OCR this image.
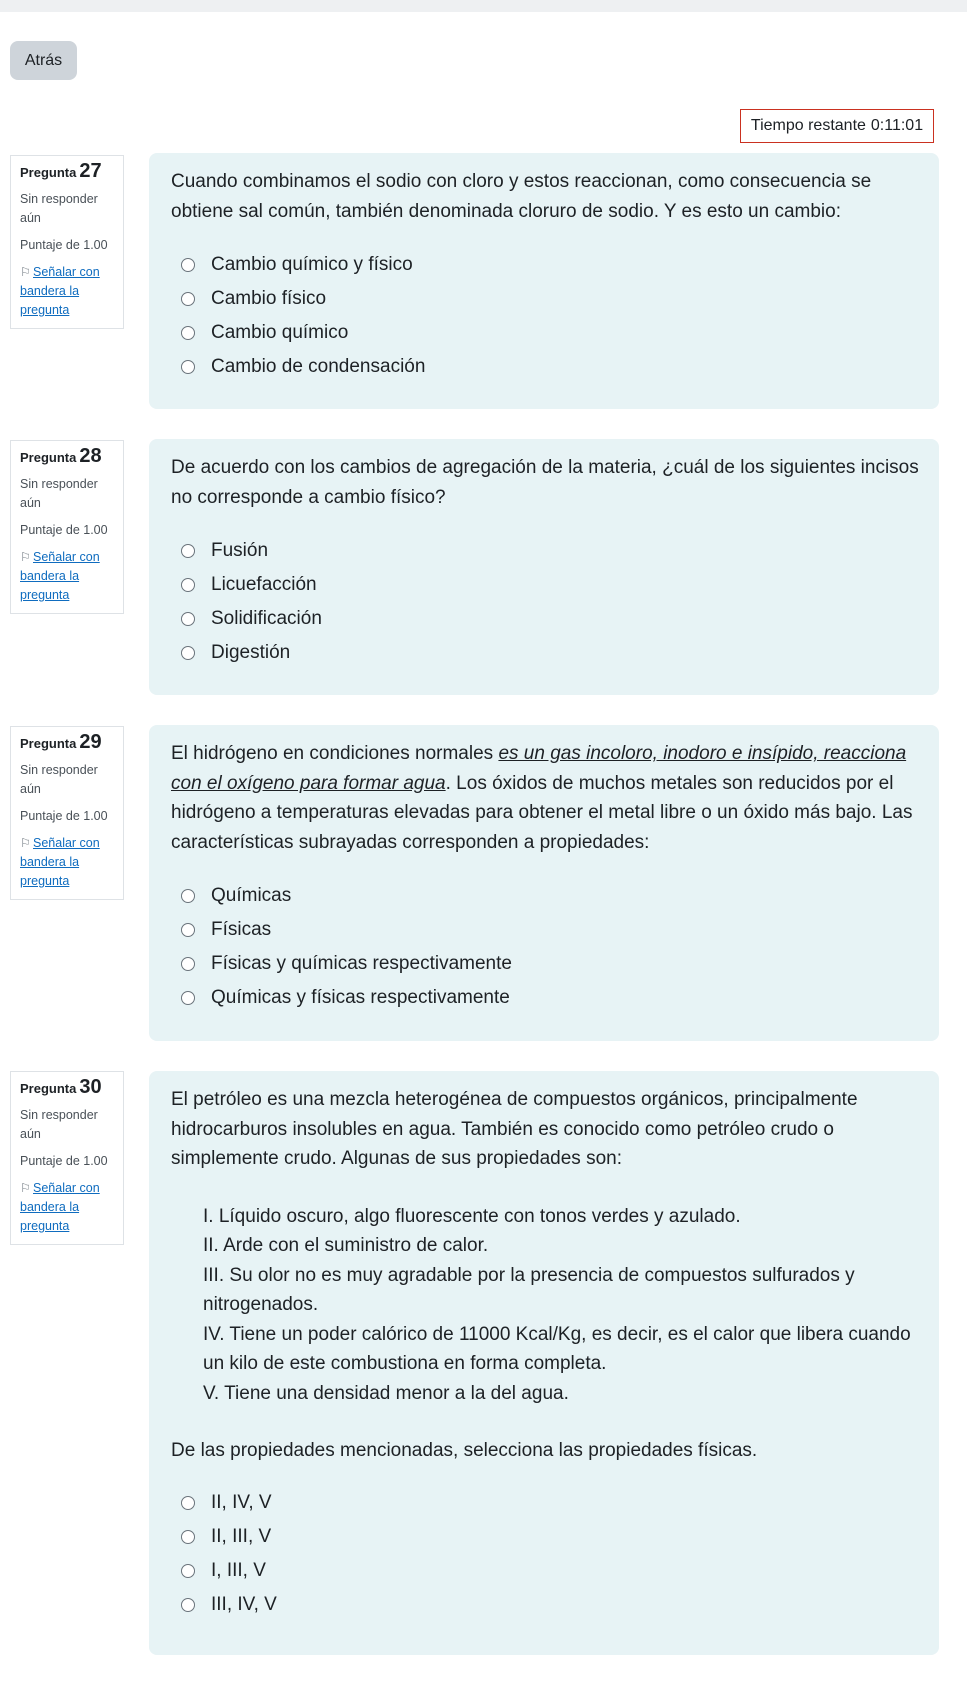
Atrás
Tiempo restante 0:11:01
Pregunta 27
Sin responder aún
Puntaje de 1.00
⚐ Señalar con bandera la pregunta
Cuando combinamos el sodio con cloro y estos reaccionan, como consecuencia se obtiene sal común, también denominada cloruro de sodio. Y es esto un cambio:
Cambio químico y físico
Cambio físico
Cambio químico
Cambio de condensación
Pregunta 28
Sin responder aún
Puntaje de 1.00
⚐ Señalar con bandera la pregunta
De acuerdo con los cambios de agregación de la materia, ¿cuál de los siguientes incisos no corresponde a cambio físico?
Fusión
Licuefacción
Solidificación
Digestión
Pregunta 29
Sin responder aún
Puntaje de 1.00
⚐ Señalar con bandera la pregunta
El hidrógeno en condiciones normales es un gas incoloro, inodoro e insípido, reacciona con el oxígeno para formar agua. Los óxidos de muchos metales son reducidos por el hidrógeno a temperaturas elevadas para obtener el metal libre o un óxido más bajo. Las características subrayadas corresponden a propiedades:
Químicas
Físicas
Físicas y químicas respectivamente
Químicas y físicas respectivamente
Pregunta 30
Sin responder aún
Puntaje de 1.00
⚐ Señalar con bandera la pregunta
El petróleo es una mezcla heterogénea de compuestos orgánicos, principalmente hidrocarburos insolubles en agua. También es conocido como petróleo crudo o simplemente crudo. Algunas de sus propiedades son:
I. Líquido oscuro, algo fluorescente con tonos verdes y azulado.
II. Arde con el suministro de calor.
III. Su olor no es muy agradable por la presencia de compuestos sulfurados y nitrogenados.
IV. Tiene un poder calórico de 11000 Kcal/Kg, es decir, es el calor que libera cuando un kilo de este combustiona en forma completa.
V. Tiene una densidad menor a la del agua.
De las propiedades mencionadas, selecciona las propiedades físicas.
II, IV, V
II, III, V
I, III, V
III, IV, V
